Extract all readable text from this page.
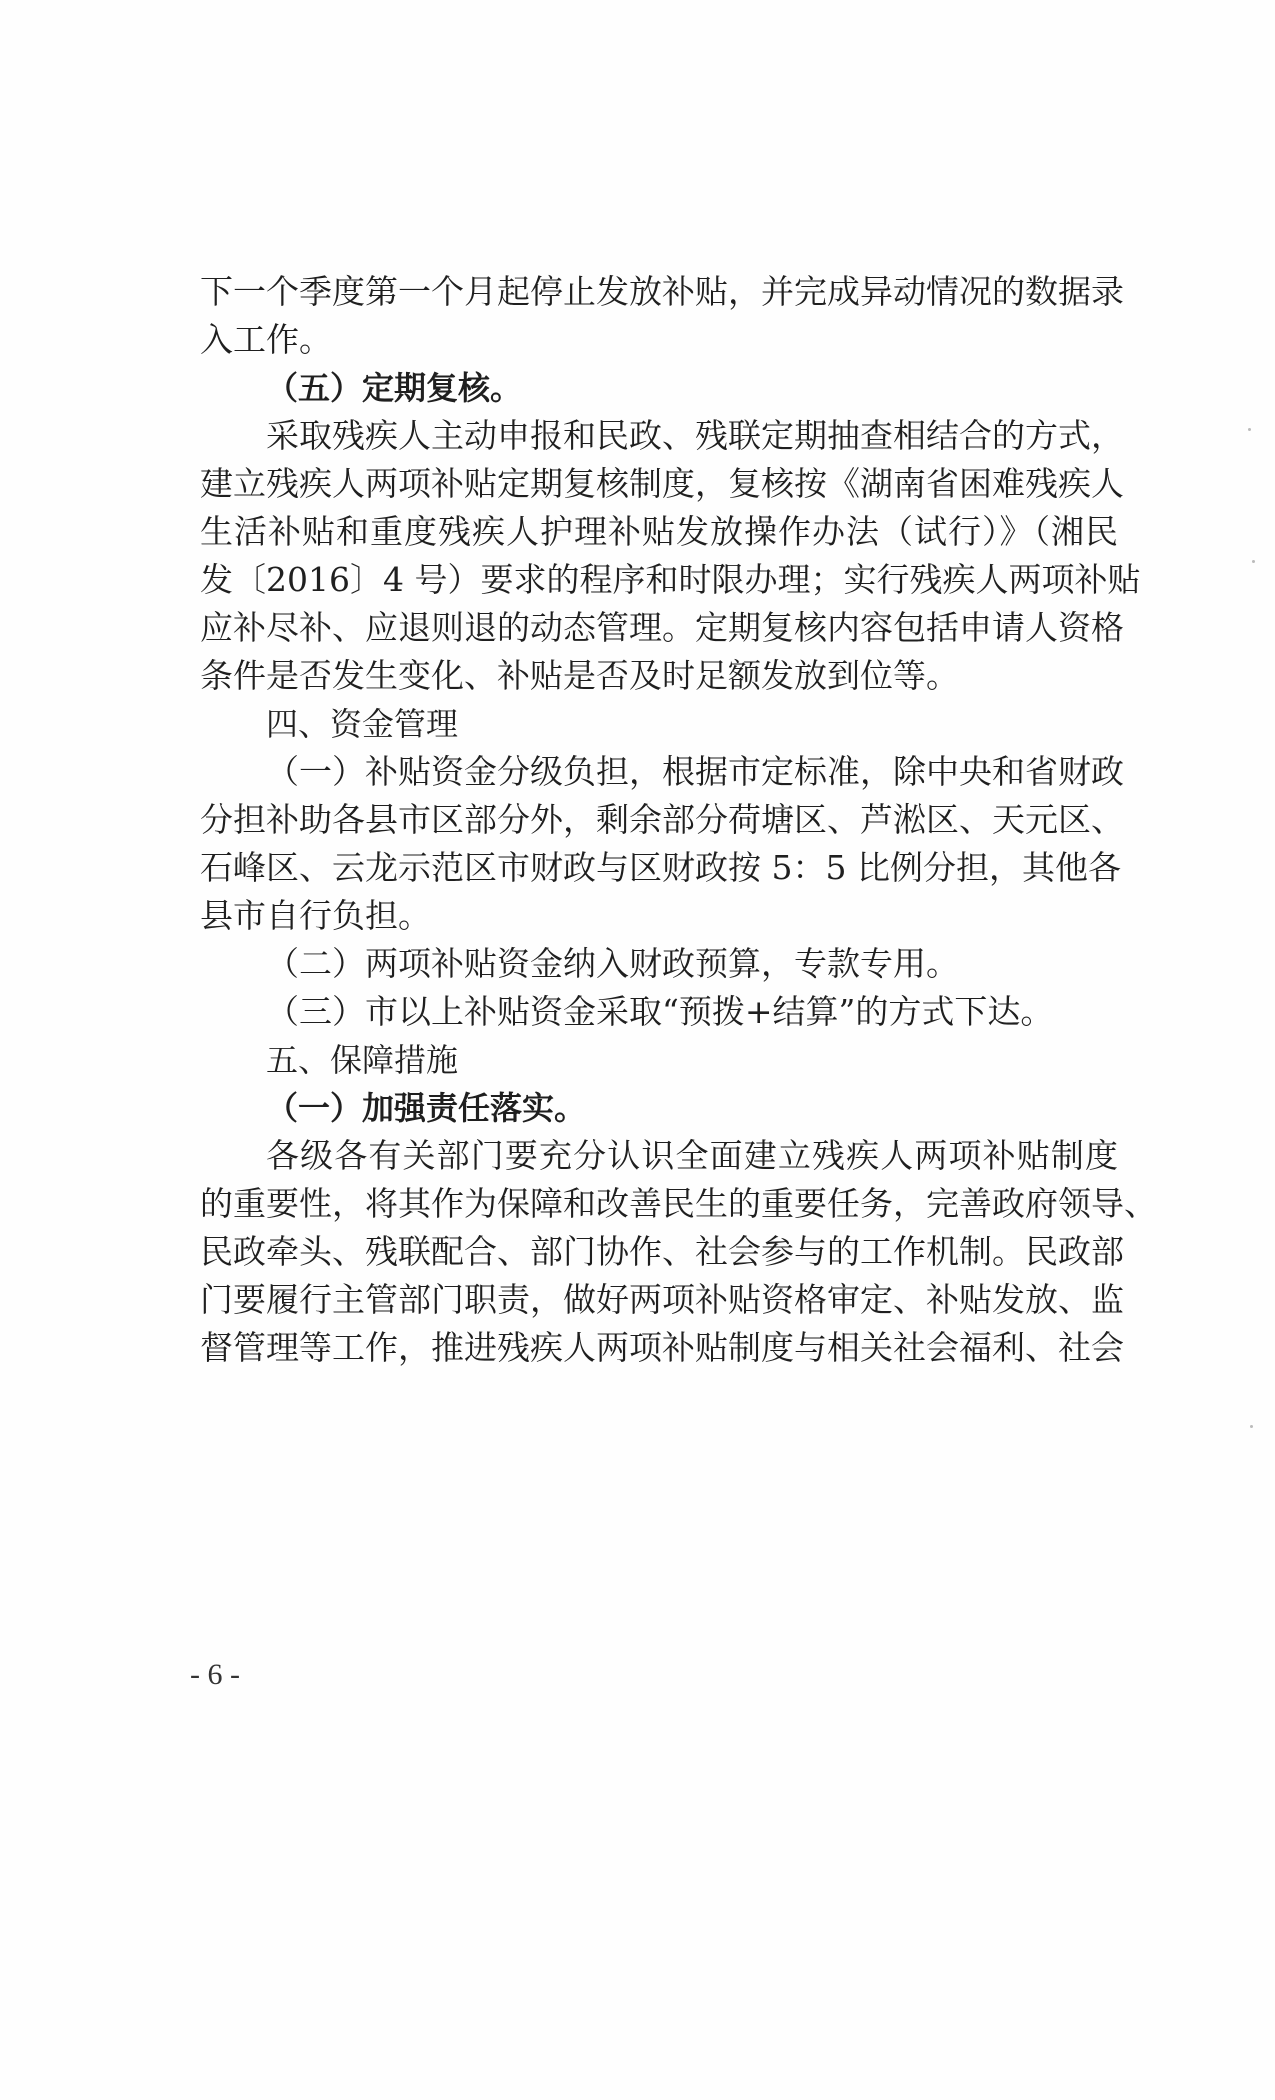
下一个季度第一个月起停止发放补贴，并完成异动情况的数据录

入工作。

（五）定期复核。

采取残疾人主动申报和民政、残联定期抽查相结合的方式，

建立残疾人两项补贴定期复核制度，复核按《湖南省困难残疾人

生活补贴和重度残疾人护理补贴发放操作办法（试行）》（湘民

发〔2016〕4 号）要求的程序和时限办理；实行残疾人两项补贴

应补尽补、应退则退的动态管理。定期复核内容包括申请人资格

条件是否发生变化、补贴是否及时足额发放到位等。

四、资金管理

（一）补贴资金分级负担，根据市定标准，除中央和省财政

分担补助各县市区部分外，剩余部分荷塘区、芦淞区、天元区、

石峰区、云龙示范区市财政与区财政按 5：5 比例分担，其他各

县市自行负担。

（二）两项补贴资金纳入财政预算，专款专用。

（三）市以上补贴资金采取“预拨+结算”的方式下达。

五、保障措施

（一）加强责任落实。

各级各有关部门要充分认识全面建立残疾人两项补贴制度

的重要性，将其作为保障和改善民生的重要任务，完善政府领导、

民政牵头、残联配合、部门协作、社会参与的工作机制。民政部

门要履行主管部门职责，做好两项补贴资格审定、补贴发放、监

督管理等工作，推进残疾人两项补贴制度与相关社会福利、社会

- 6 -
